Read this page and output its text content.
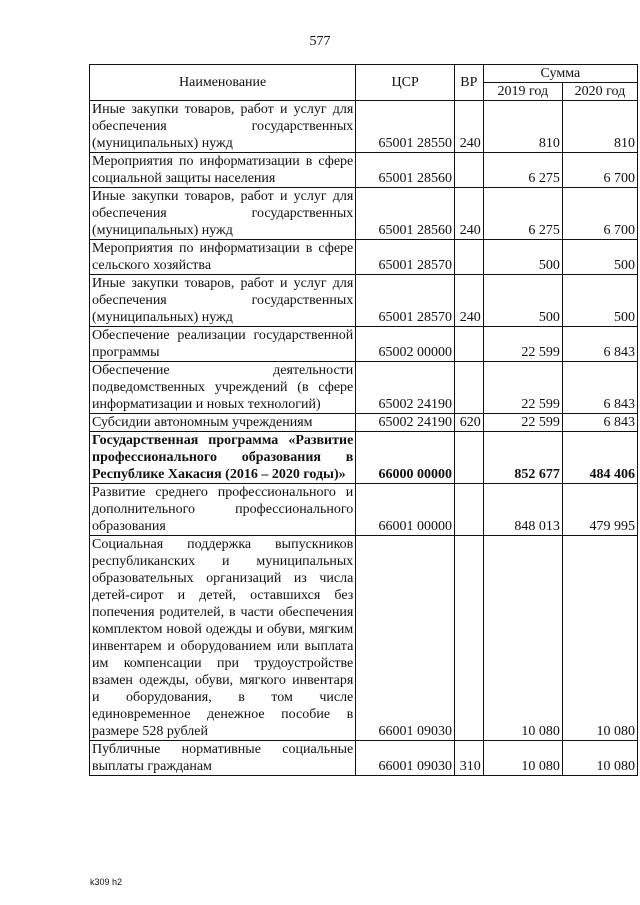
577
Наименование	ЦСР	ВР	Сумма	
			2019 год	2020 год
Иные закупки товаров, работ и услуг для обеспечения государственных (муниципальных) нужд	65001 28550	240	810	810
Мероприятия по информатизации в сфере социальной защиты населения	65001 28560		6 275	6 700
Иные закупки товаров, работ и услуг для обеспечения государственных (муниципальных) нужд	65001 28560	240	6 275	6 700
Мероприятия по информатизации в сфере сельского хозяйства	65001 28570		500	500
Иные закупки товаров, работ и услуг для обеспечения государственных (муниципальных) нужд	65001 28570	240	500	500
Обеспечение реализации государственной программы	65002 00000		22 599	6 843
Обеспечение деятельности подведомственных учреждений (в сфере информатизации и новых технологий)	65002 24190		22 599	6 843
Субсидии автономным учреждениям	65002 24190	620	22 599	6 843
Государственная программа «Развитие профессионального образования в Республике Хакасия (2016 – 2020 годы)»	66000 00000		852 677	484 406
Развитие среднего профессионального и дополнительного профессионального образования	66001 00000		848 013	479 995
Социальная поддержка выпускников республиканских и муниципальных образовательных организаций из числа детей-сирот и детей, оставшихся без попечения родителей, в части обеспечения комплектом новой одежды и обуви, мягким инвентарем и оборудованием или выплата им компенсации при трудоустройстве взамен одежды, обуви, мягкого инвентаря и оборудования, в том числе единовременное денежное пособие в размере 528 рублей	66001 09030		10 080	10 080
Публичные нормативные социальные выплаты гражданам	66001 09030	310	10 080	10 080
k309 h2
